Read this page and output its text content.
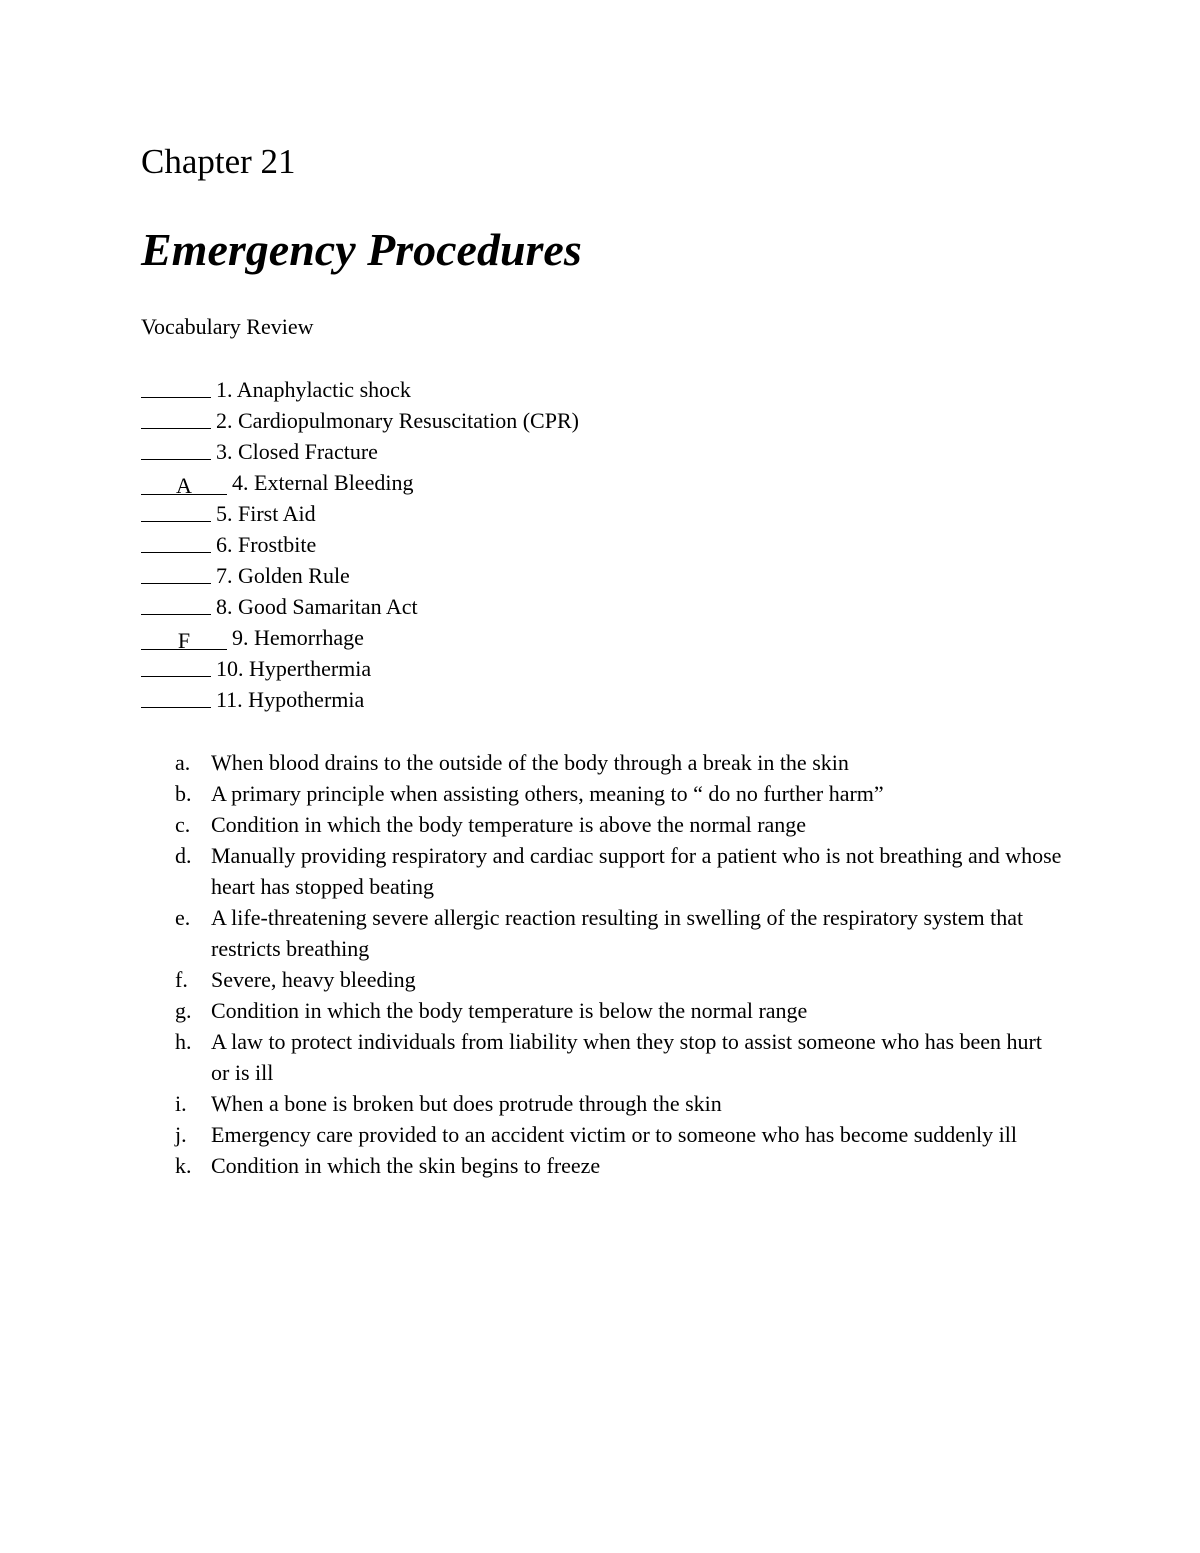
Chapter 21
Emergency Procedures
Vocabulary Review
1. Anaphylactic shock
2. Cardiopulmonary Resuscitation (CPR)
3. Closed Fracture
A 4. External Bleeding
5. First Aid
6. Frostbite
7. Golden Rule
8. Good Samaritan Act
F 9. Hemorrhage
10. Hyperthermia
11. Hypothermia
a. When blood drains to the outside of the body through a break in the skin
b. A primary principle when assisting others, meaning to “ do no further harm”
c. Condition in which the body temperature is above the normal range
d. Manually providing respiratory and cardiac support for a patient who is not breathing and whose heart has stopped beating
e. A life-threatening severe allergic reaction resulting in swelling of the respiratory system that restricts breathing
f.	Severe, heavy bleeding
g. Condition in which the body temperature is below the normal range
h. A law to protect individuals from liability when they stop to assist someone who has been hurt or is ill
i.	When a bone is broken but does protrude through the skin
j.	Emergency care provided to an accident victim or to someone who has become suddenly ill
k. Condition in which the skin begins to freeze
